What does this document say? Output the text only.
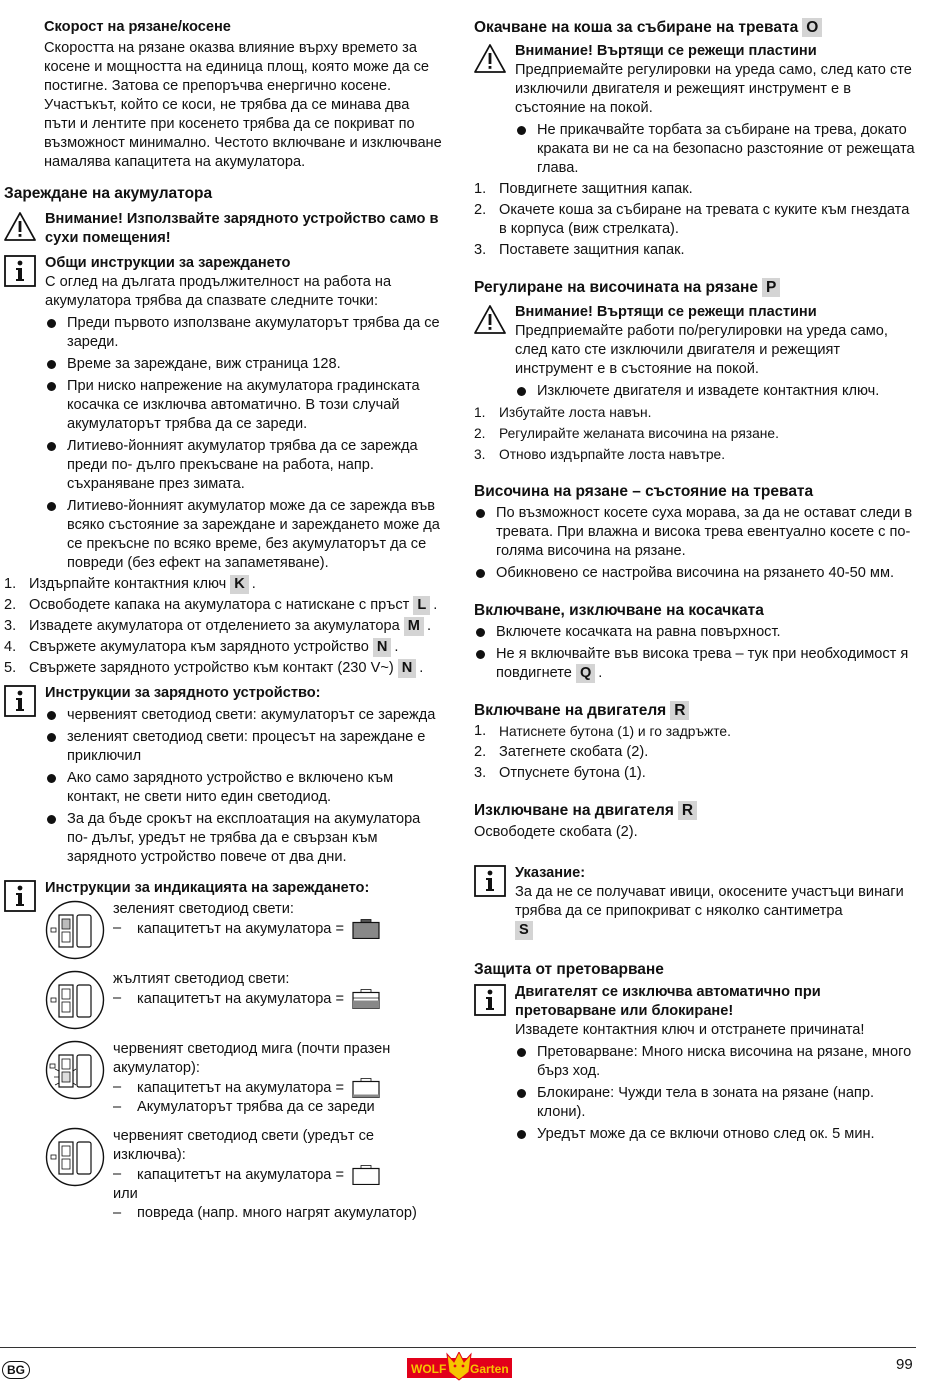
Скорост на рязане/косене

Скоростта на рязане оказва влияние върху времето за косене и мощността на единица площ, която може да се постигне. Затова се препоръчва енергично косене. Участъкът, който се коси, не трябва да се минава два пъти и лентите при косенето трябва да се покриват по възможност минимално. Честото включване и изключване намалява капацитета на акумулатора.

Зареждане на акумулатора

Внимание! Използвайте зарядното устройство само в сухи помещения!

Общи инструкции за зареждането

С оглед на дългата продължителност на работа на акумулатора трябва да спазвате следните точки:

Преди първото използване акумулаторът трябва да се зареди.
Време за зареждане, виж страница 128.
При ниско напрежение на акумулатора градинската косачка се изключва автоматично. В този случай акумулаторът трябва да се зареди.
Литиево-йонният акумулатор трябва да се зарежда преди по- дълго прекъсване на работа, напр. съхраняване през зимата.
Литиево-йонният акумулатор може да се зарежда във всяко състояние за зареждане и зареждането може да се прекъсне по всяко време, без акумулаторът да се повреди (без ефект на запаметяване).
1. Издърпайте контактния ключ K .
2. Освободете капака на акумулатора с натискане с пръст L .
3. Извадете акумулатора от отделението за акумулатора M .
4. Свържете акумулатора към зарядното устройство N .
5. Свържете зарядното устройство към контакт (230 V~) N .

Инструкции за зарядното устройство:

червеният светодиод свети: акумулаторът се зарежда
зеленият светодиод свети: процесът на зареждане е приключил
Ако само зарядното устройство е включено към контакт, не свети нито един светодиод.
За да бъде срокът на експлоатация на акумулатора по- дълъг, уредът не трябва да е свързан към зарядното устройство повече от два дни.

Инструкции за индикацията на зареждането:

зеленият светодиод свети:

–	капацитетът на акумулатора =

жълтият светодиод свети:

–	капацитетът на акумулатора =

червеният светодиод мига (почти празен акумулатор):

–	капацитетът на акумулатора =
–	Акумулаторът трябва да се зареди

червеният светодиод свети (уредът се изключва):

–	капацитетът на акумулатора =
или
–	повреда (напр. много нагрят акумулатор)

Окачване на коша за събиране на тревата O

Внимание! Въртящи се режещи пластини

Предприемайте регулировки на уреда само, след като сте изключили двигателя и режещият инструмент е в състояние на покой.

Не прикачвайте торбата за събиране на трева, докато краката ви не са на безопасно разстояние от режещата глава.
1. Повдигнете защитния капак.
2. Окачете коша за събиране на тревата с куките към гнездата в корпуса (виж стрелката).
3. Поставете защитния капак.

Регулиране на височината на рязане P

Внимание! Въртящи се режещи пластини

Предприемайте работи по/регулировки на уреда само, след като сте изключили двигателя и режещият инструмент е в състояние на покой.

Изключете двигателя и извадете контактния ключ.
1. Избутайте лоста навън.
2. Регулирайте желаната височина на рязане.
3. Отново издърпайте лоста навътре.

Височина на рязане – състояние на тревата

По възможност косете суха морава, за да не остават следи в тревата. При влажна и висока трева евентуално косете с по-голяма височина на рязане.
Обикновено се настройва височина на рязането 40-50 мм.

Включване, изключване на косачката

Включете косачката на равна повърхност.
Не я включвайте във висока трева – тук при необходимост я повдигнете Q .

Включване на двигателя R

1. Натиснете бутона (1) и го задръжте.
2. Затегнете скобата (2).
3. Отпуснете бутона (1).

Изключване на двигателя R

Освободете скобата (2).

Указание:

За да не се получават ивици, окосените участъци винаги трябва да се припокриват с няколко сантиметра
S

Защита от претоварване

Двигателят се изключва автоматично при претоварване или блокиране!

Извадете контактния ключ и отстранете причината!

Претоварване: Много ниска височина на рязане, много бърз ход.
Блокиране: Чужди тела в зоната на рязане (напр. клони).
Уредът може да се включи отново след ок. 5 мин.
BG	WOLF Garten	99
